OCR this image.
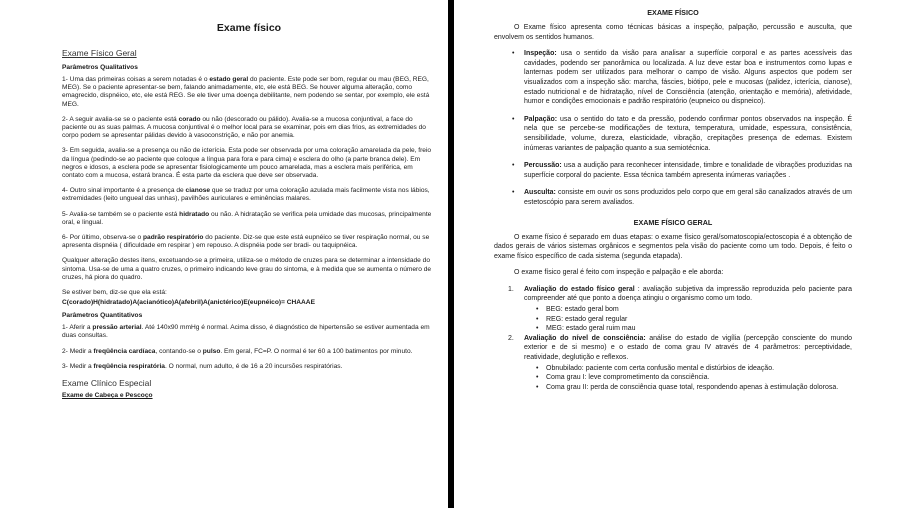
Exame físico
Exame Físico Geral
Parâmetros Qualitativos

1- Uma das primeiras coisas a serem notadas é o estado geral do paciente. Este pode ser bom, regular ou mau (BEG, REG, MEG). Se o paciente apresentar-se bem, falando animadamente, etc, ele está BEG. Se houver alguma alteração, como emagrecido, dispnéico, etc, ele está REG. Se ele tiver uma doença debilitante, nem podendo se sentar, por exemplo, ele está MEG.

2- A seguir avalia-se se o paciente está corado ou não (descorado ou pálido). Avalia-se a mucosa conjuntival, a face do paciente ou as suas palmas. A mucosa conjuntival é o melhor local para se examinar, pois em dias frios, as extremidades do corpo podem se apresentar pálidas devido à vasoconstrição, e não por anemia.

3- Em seguida, avalia-se a presença ou não de icterícia. Esta pode ser observada por uma coloração amarelada da pele, freio da língua (pedindo-se ao paciente que coloque a língua para fora e para cima) e esclera do olho (a parte branca dele). Em negros e idosos, a esclera pode se apresentar fisiologicamente um pouco amarelada, mas a esclera mais periférica, em contato com a mucosa, estará branca. É esta parte da esclera que deve ser observada.

4- Outro sinal importante é a presença de cianose que se traduz por uma coloração azulada mais facilmente vista nos lábios, extremidades (leito ungueal das unhas), pavilhões auriculares e eminências malares.

5- Avalia-se também se o paciente está hidratado ou não. A hidratação se verifica pela umidade das mucosas, principalmente oral, e lingual.

6- Por último, observa-se o padrão respiratório do paciente. Diz-se que este está eupnéico se tiver respiração normal, ou se apresenta dispnéia ( dificuldade em respirar ) em repouso. A dispnéia pode ser bradi- ou taquipnéica.

Qualquer alteração destes itens, excetuando-se a primeira, utiliza-se o método de cruzes para se determinar a intensidade do sintoma. Usa-se de uma a quatro cruzes, o primeiro indicando leve grau do sintoma, e à medida que se aumenta o número de cruzes, há piora do quadro.

Se estiver bem, diz-se que ela está:

C(corado)H(hidratado)A(acianótico)A(afebril)A(anictérico)E(eupnéico)= CHAAAE
Parâmetros Quantitativos

1- Aferir a pressão arterial. Até 140x90 mmHg é normal. Acima disso, é diagnóstico de hipertensão se estiver aumentada em duas consultas.

2- Medir a freqüência cardíaca, contando-se o pulso. Em geral, FC=P. O normal é ter 60 a 100 batimentos por minuto.

3- Medir a freqüência respiratória. O normal, num adulto, é de 16 a 20 incursões respiratórias.

Exame Clínico Especial
Exame de Cabeça e Pescoço
EXAME FÍSICO

O Exame físico apresenta como técnicas básicas a inspeção, palpação, percussão e ausculta, que envolvem os sentidos humanos.

• Inspeção: usa o sentido da visão para analisar a superfície corporal e as partes acessíveis das cavidades, podendo ser panorâmica ou localizada. A luz deve estar boa e instrumentos como lupas e lanternas podem ser utilizados para melhorar o campo de visão. Alguns aspectos que podem ser visualizados com a inspeção são: marcha, fáscies, biótipo, pele e mucosas (palidez, icterícia, cianose), estado nutricional e de hidratação, nível de Consciência (atenção, orientação e memória), afetividade, humor e condições emocionais e padrão respiratório (eupneico ou dispneico).
• Palpação: usa o sentido do tato e da pressão, podendo confirmar pontos observados na inspeção. É nela que se percebe-se modificações de textura, temperatura, umidade, espessura, consistência, sensibilidade, volume, dureza, elasticidade, vibração, crepitações presença de edemas. Existem inúmeras variantes de palpação quanto a sua semiotécnica.
• Percussão: usa a audição para reconhecer intensidade, timbre e tonalidade de vibrações produzidas na superfície corporal do paciente. Essa técnica também apresenta inúmeras variações .
• Ausculta: consiste em ouvir os sons produzidos pelo corpo que em geral são canalizados através de um estetoscópio para serem avaliados.
EXAME FÍSICO GERAL

O exame físico é separado em duas etapas: o exame físico geral/somatoscopia/ectoscopia é a obtenção de dados gerais de vários sistemas orgânicos e segmentos pela visão do paciente como um todo. Depois, é feito o exame físico específico de cada sistema (segunda etapada).

O exame físico geral é feito com inspeção e palpação e ele aborda:

1. Avaliação do estado físico geral : avaliação subjetiva da impressão reproduzida pelo paciente para compreender até que ponto a doença atingiu o organismo como um todo.
• BEG: estado geral bom
• REG: estado geral regular
• MEG: estado geral ruim mau
2. Avaliação do nível de consciência: análise do estado de vigília (percepção consciente do mundo exterior e de si mesmo) e o estado de coma grau IV através de 4 parâmetros: perceptividade, reatividade, deglutição e reflexos.
• Obnubilado: paciente com certa confusão mental e distúrbios de ideação.
• Coma grau I: leve comprometimento da consciência.
• Coma grau II: perda de consciência quase total, respondendo apenas à estimulação dolorosa.
